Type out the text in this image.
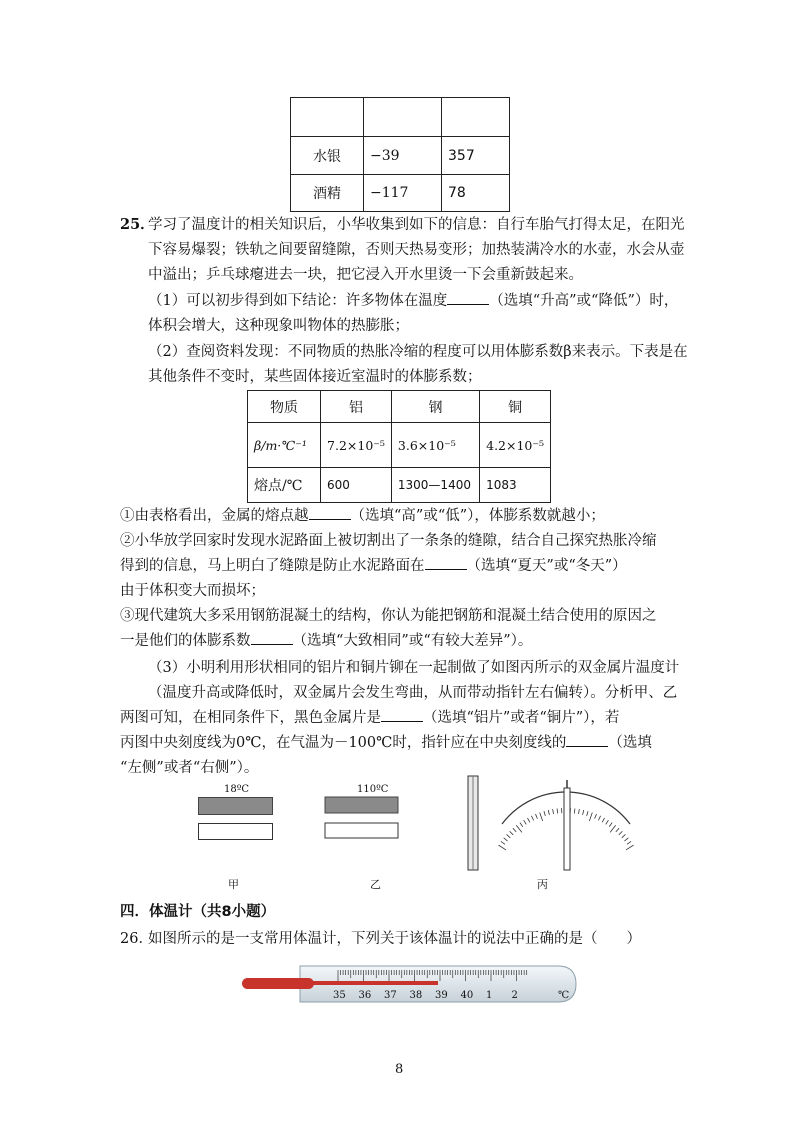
水银	−39	357
酒精	−117	78
25．
学习了温度计的相关知识后，小华收集到如下的信息：自行车胎气打得太足，在阳光
下容易爆裂；铁轨之间要留缝隙，否则天热易变形；加热装满冷水的水壶，水会从壶
中溢出；乒乓球瘪进去一块，把它浸入开水里烫一下会重新鼓起来。
（1）可以初步得到如下结论：许多物体在温度	（选填“升高”或“降低”）时，
体积会增大，这种现象叫物体的热膨胀；
（2）查阅资料发现：不同物质的热胀冷缩的程度可以用体膨系数β来表示。下表是在
其他条件不变时，某些固体接近室温时的体膨系数；
物质	铝	钢	铜
β/m·℃⁻¹	7.2×10⁻⁵	3.6×10⁻⁵	4.2×10⁻⁵
熔点/℃	600	1300—1400	1083
①由表格看出，金属的熔点越	（选填“高”或“低”），体膨系数就越小；
②小华放学回家时发现水泥路面上被切割出了一条条的缝隙，结合自己探究热胀冷缩
得到的信息，马上明白了缝隙是防止水泥路面在	（选填“夏天”或“冬天”）
由于体积变大而损坏；
③现代建筑大多采用钢筋混凝土的结构，你认为能把钢筋和混凝土结合使用的原因之
一是他们的体膨系数	（选填“大致相同”或“有较大差异”）。
（3）小明利用形状相同的铝片和铜片铆在一起制做了如图丙所示的双金属片温度计
（温度升高或降低时，双金属片会发生弯曲，从而带动指针左右偏转）。分析甲、乙
两图可知，在相同条件下，黑色金属片是	（选填“铝片”或者“铜片”），若
丙图中央刻度线为0℃，在气温为－100℃时，指针应在中央刻度线的	（选填
“左侧”或者“右侧”）。
18ºC
甲
110ºC
乙	丙
四．体温计（共8小题）
26．
如图所示的是一支常用体温计，下列关于该体温计的说法中正确的是（　　）
35 36 37 38 39 40 1 2	℃
8
